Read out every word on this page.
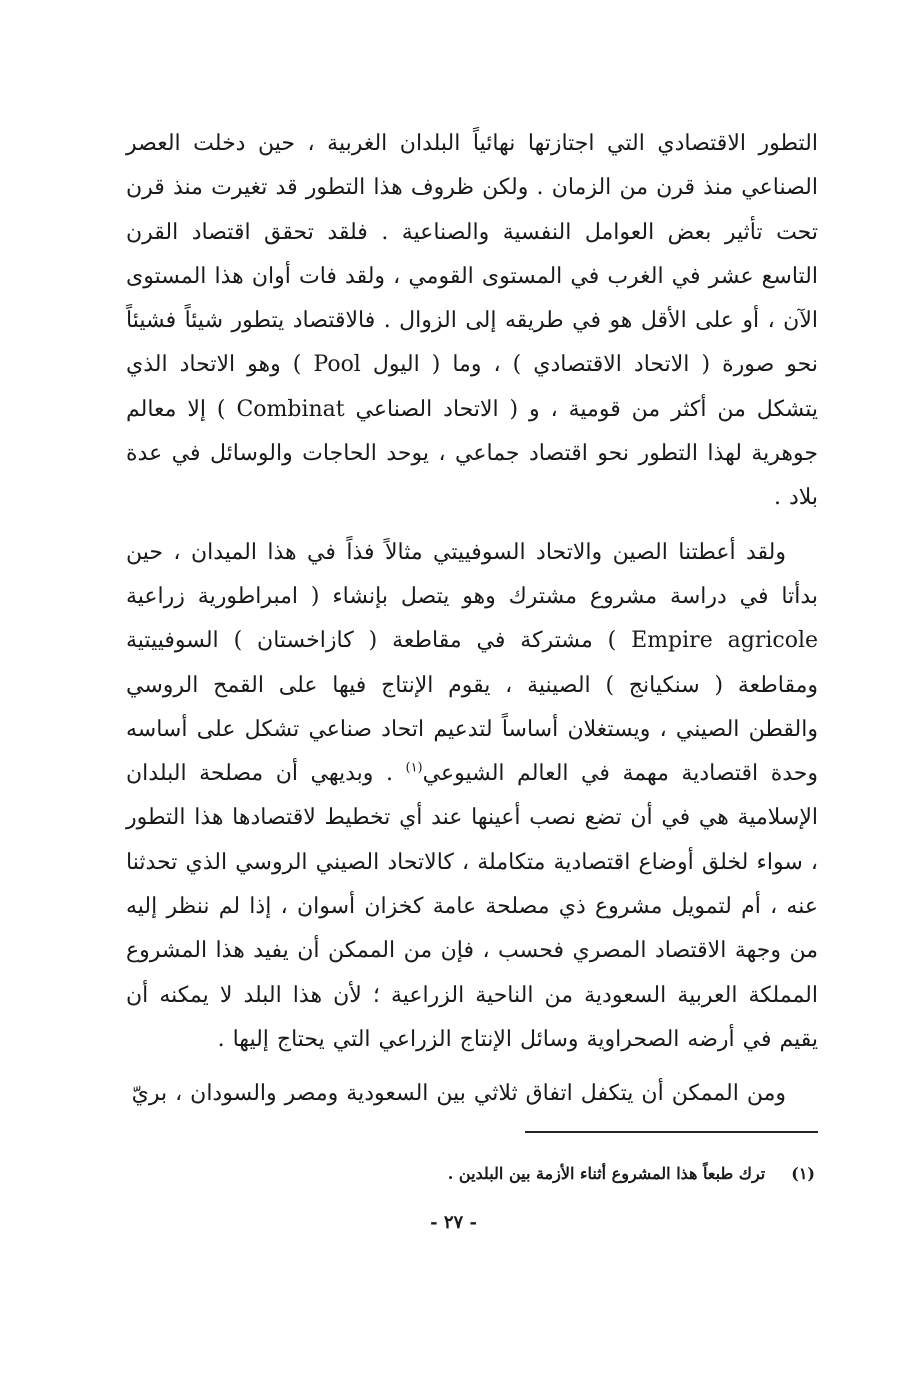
التطور الاقتصادي التي اجتازتها نهائياً البلدان الغربية ، حين دخلت العصر الصناعي منذ قرن من الزمان . ولكن ظروف هذا التطور قد تغيرت منذ قرن تحت تأثير بعض العوامل النفسية والصناعية . فلقد تحقق اقتصاد القرن التاسع عشر في الغرب في المستوى القومي ، ولقد فات أوان هذا المستوى الآن ، أو على الأقل هو في طريقه إلى الزوال . فالاقتصاد يتطور شيئاً فشيئاً نحو صورة ( الاتحاد الاقتصادي ) ، وما ( اليول Pool ) وهو الاتحاد الذي يتشكل من أكثر من قومية ، و ( الاتحاد الصناعي Combinat ) إلا معالم جوهرية لهذا التطور نحو اقتصاد جماعي ، يوحد الحاجات والوسائل في عدة بلاد .

ولقد أعطتنا الصين والاتحاد السوفييتي مثالاً فذاً في هذا الميدان ، حين بدأتا في دراسة مشروع مشترك وهو يتصل بإنشاء ( امبراطورية زراعية Empire agricole ) مشتركة في مقاطعة ( كازاخستان ) السوفييتية ومقاطعة ( سنكيانج ) الصينية ، يقوم الإنتاج فيها على القمح الروسي والقطن الصيني ، ويستغلان أساساً لتدعيم اتحاد صناعي تشكل على أساسه وحدة اقتصادية مهمة في العالم الشيوعي$^{(١)}$ . وبديهي أن مصلحة البلدان الإسلامية هي في أن تضع نصب أعينها عند أي تخطيط لاقتصادها هذا التطور ، سواء لخلق أوضاع اقتصادية متكاملة ، كالاتحاد الصيني الروسي الذي تحدثنا عنه ، أم لتمويل مشروع ذي مصلحة عامة كخزان أسوان ، إذا لم ننظر إليه من وجهة الاقتصاد المصري فحسب ، فإن من الممكن أن يفيد هذا المشروع المملكة العربية السعودية من الناحية الزراعية ؛ لأن هذا البلد لا يمكنه أن يقيم في أرضه الصحراوية وسائل الإنتاج الزراعي التي يحتاج إليها .

ومن الممكن أن يتكفل اتفاق ثلاثي بين السعودية ومصر والسودان ، بريّ

(١)ترك طبعاً هذا المشروع أثناء الأزمة بين البلدين .
- ٢٧ -
